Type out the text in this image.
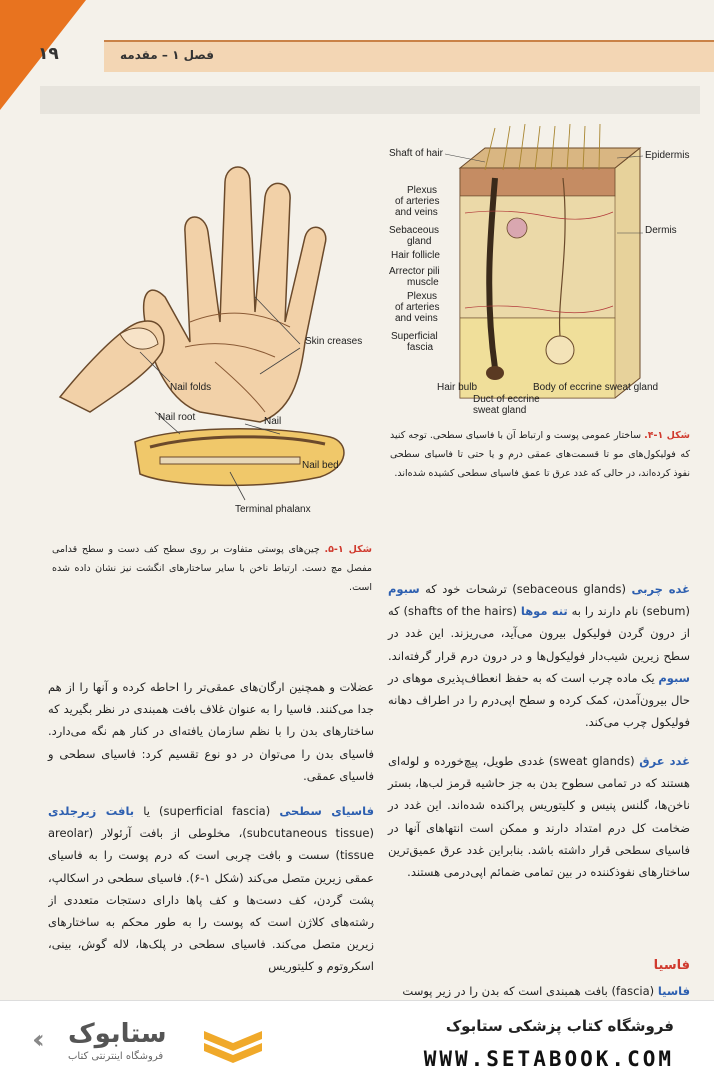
۱۹	فصل ۱ – مقدمه
Skin creases
Nail folds
Nail root	Nail
Nail bed
Terminal phalanx
شکل ۱-۵. چین‌های پوستی متفاوت بر روی سطح کف دست و سطح قدامی مفصل مچ دست. ارتباط ناخن با سایر ساختارهای انگشت نیز نشان داده شده است.
Shaft of hair	Epidermis
Plexus
of arteries
and veins
Sebaceous
gland
Dermis
Hair follicle
Arrector pili
muscle
Plexus
of arteries
and veins
Superficial
fascia
Hair bulb	Body of eccrine sweat gland
Duct of eccrine
sweat gland
شکل ۱-۴. ساختار عمومی پوست و ارتباط آن با فاسیای سطحی. توجه کنید که فولیکول‌های مو تا قسمت‌های عمقی درم و یا حتی تا فاسیای سطحی نفوذ کرده‌اند، در حالی که غدد عرق تا عمق فاسیای سطحی کشیده شده‌اند.

غده چربی (sebaceous glands) ترشحات خود که سبوم (sebum) نام دارند را به تنه موها (shafts of the hairs) که از درون گردن فولیکول بیرون می‌آید، می‌ریزند. این غدد در سطح زیرین شیب‌دار فولیکول‌ها و در درون درم قرار گرفته‌اند. سبوم یک ماده چرب است که به حفظ انعطاف‌پذیری موهای در حال بیرون‌آمدن، کمک کرده و سطح اپی‌درم را در اطراف دهانه فولیکول چرب می‌کند.

غدد عرق (sweat glands) غددی طویل، پیچ‌خورده و لوله‌ای هستند که در تمامی سطوح بدن به جز حاشیه قرمز لب‌ها، بستر ناخن‌ها، گلنس پنیس و کلیتوریس پراکنده شده‌اند. این غدد در ضخامت کل درم امتداد دارند و ممکن است انتهاهای آنها در فاسیای سطحی قرار داشته باشد. بنابراین غدد عرق عمیق‌ترین ساختارهای نفوذکننده در بین تمامی ضمائم اپی‌درمی هستند.

فاسیا

فاسیا (fascia) بافت همبندی است که بدن را در زیر پوست

عضلات و همچنین ارگان‌های عمقی‌تر را احاطه کرده و آنها را از هم جدا می‌کنند. فاسیا را به عنوان غلاف بافت همبندی در نظر بگیرید که ساختارهای بدن را با نظم سازمان یافته‌ای در کنار هم نگه می‌دارد. فاسیای بدن را می‌توان در دو نوع تقسیم کرد: فاسیای سطحی و فاسیای عمقی.

فاسیای سطحی (superficial fascia) یا بافت زیرجلدی (subcutaneous tissue)، مخلوطی از بافت آرئولار (areolar tissue) سست و بافت چربی است که درم پوست را به فاسیای عمقی زیرین متصل می‌کند (شکل ۱-۶). فاسیای سطحی در اسکالپ، پشت گردن، کف دست‌ها و کف پاها دارای دستجات متعددی از رشته‌های کلاژن است که پوست را به طور محکم به ساختارهای زیرین متصل می‌کند. فاسیای سطحی در پلک‌ها، لاله گوش، بینی، اسکروتوم و کلیتوریس

‹‹ ستابوک
فروشگاه اینترنتی کتاب
فروشگاه کتاب پزشکی ستابوک
WWW.SETABOOK.COM
